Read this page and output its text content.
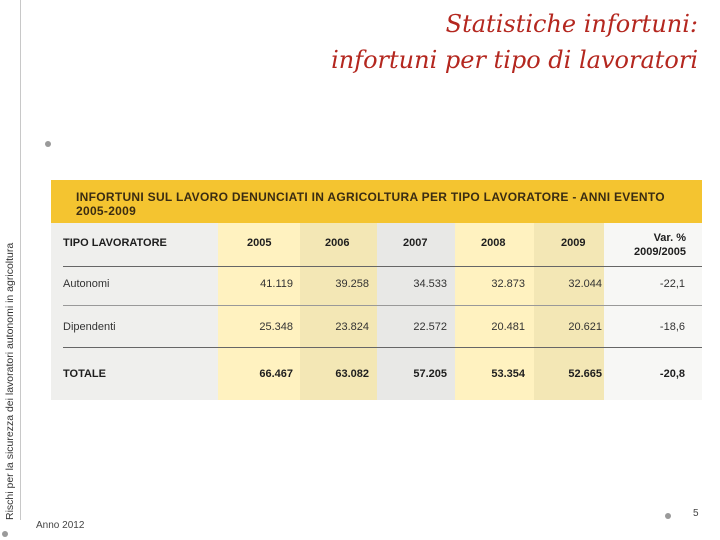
Statistiche infortuni:
infortuni per tipo di lavoratori
Rischi per la sicurezza dei lavoratori autonomi in agricoltura
INFORTUNI SUL LAVORO DENUNCIATI IN AGRICOLTURA PER TIPO LAVORATORE - ANNI EVENTO
2005-2009
TIPO LAVORATORE	2005	2006	2007	2008	2009	Var. %
2009/2005
Autonomi	41.119	39.258	34.533	32.873	32.044	-22,1
Dipendenti	25.348	23.824	22.572	20.481	20.621	-18,6
TOTALE	66.467	63.082	57.205	53.354	52.665	-20,8
Anno 2012
5
